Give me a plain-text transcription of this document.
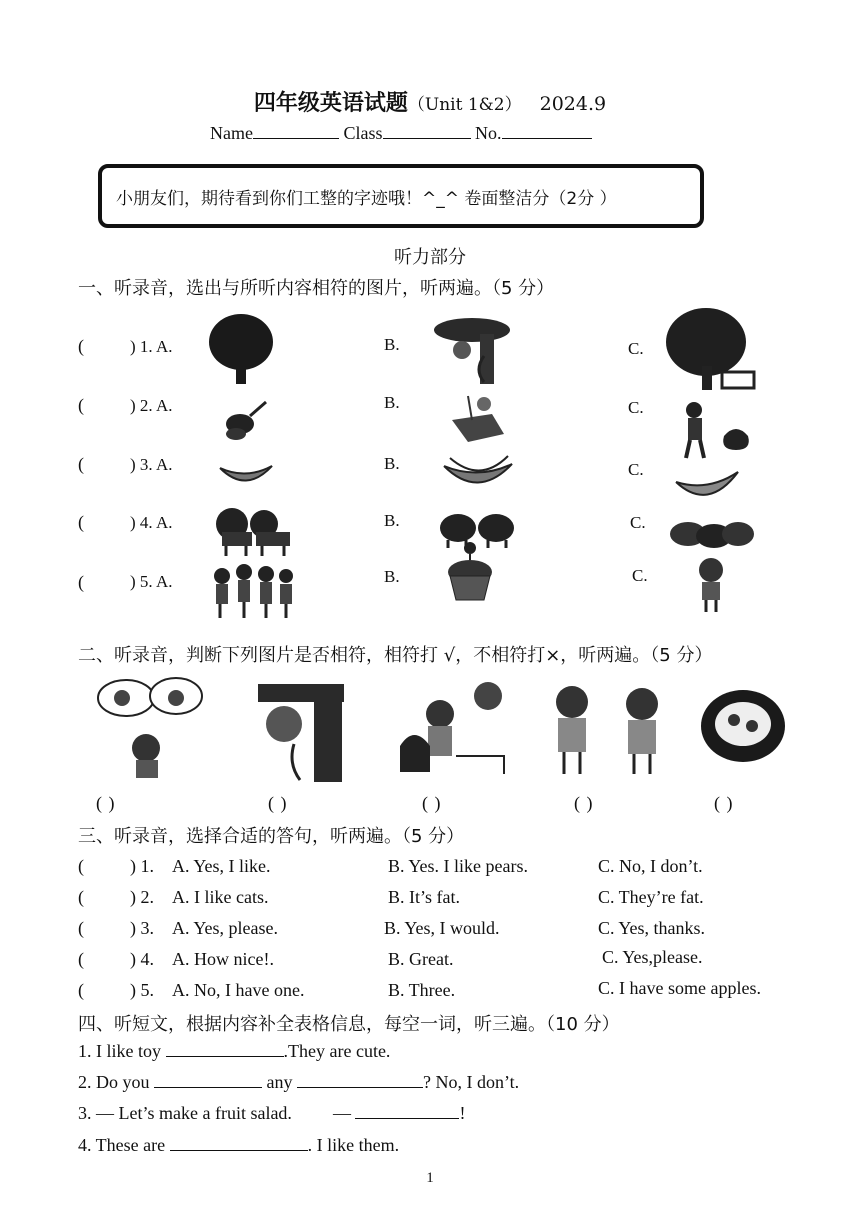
四年级英语试题（Unit 1&2） 2024.9
Name	Class	No.
小朋友们，期待看到你们工整的字迹哦！^_^ 卷面整洁分（2分 ）
听力部分
一、听录音，选出与所听内容相符的图片，听两遍。（5 分）
(	) 1. A.	B.	C.
(	) 2. A.	B.	C.
(	) 3. A.	B.	C.
(	) 4. A.	B.	C.
(	) 5. A.	B.	C.
二、听录音，判断下列图片是否相符，相符打 √，不相符打×，听两遍。（5 分）
( )	( )	( )	( )	( )
三、听录音，选择合适的答句，听两遍。（5 分）
(	) 1. A. Yes, I like.	B. Yes. I like pears.	C. No, I don’t.
(	) 2. A. I like cats.	B. It’s fat.	C. They’re fat.
(	) 3. A. Yes, please.	B. Yes, I would.	C. Yes, thanks.
(	) 4. A. How nice!.	B. Great.	C. Yes,please.
(	) 5. A. No, I have one.	B. Three.	C. I have some apples.
四、听短文，根据内容补全表格信息，每空一词，听三遍。（10 分）
1. I like toy	.They are cute.
2. Do you	any	? No, I don’t.
3. — Let’s make a fruit salad. —	!
4. These are	. I like them.
1
